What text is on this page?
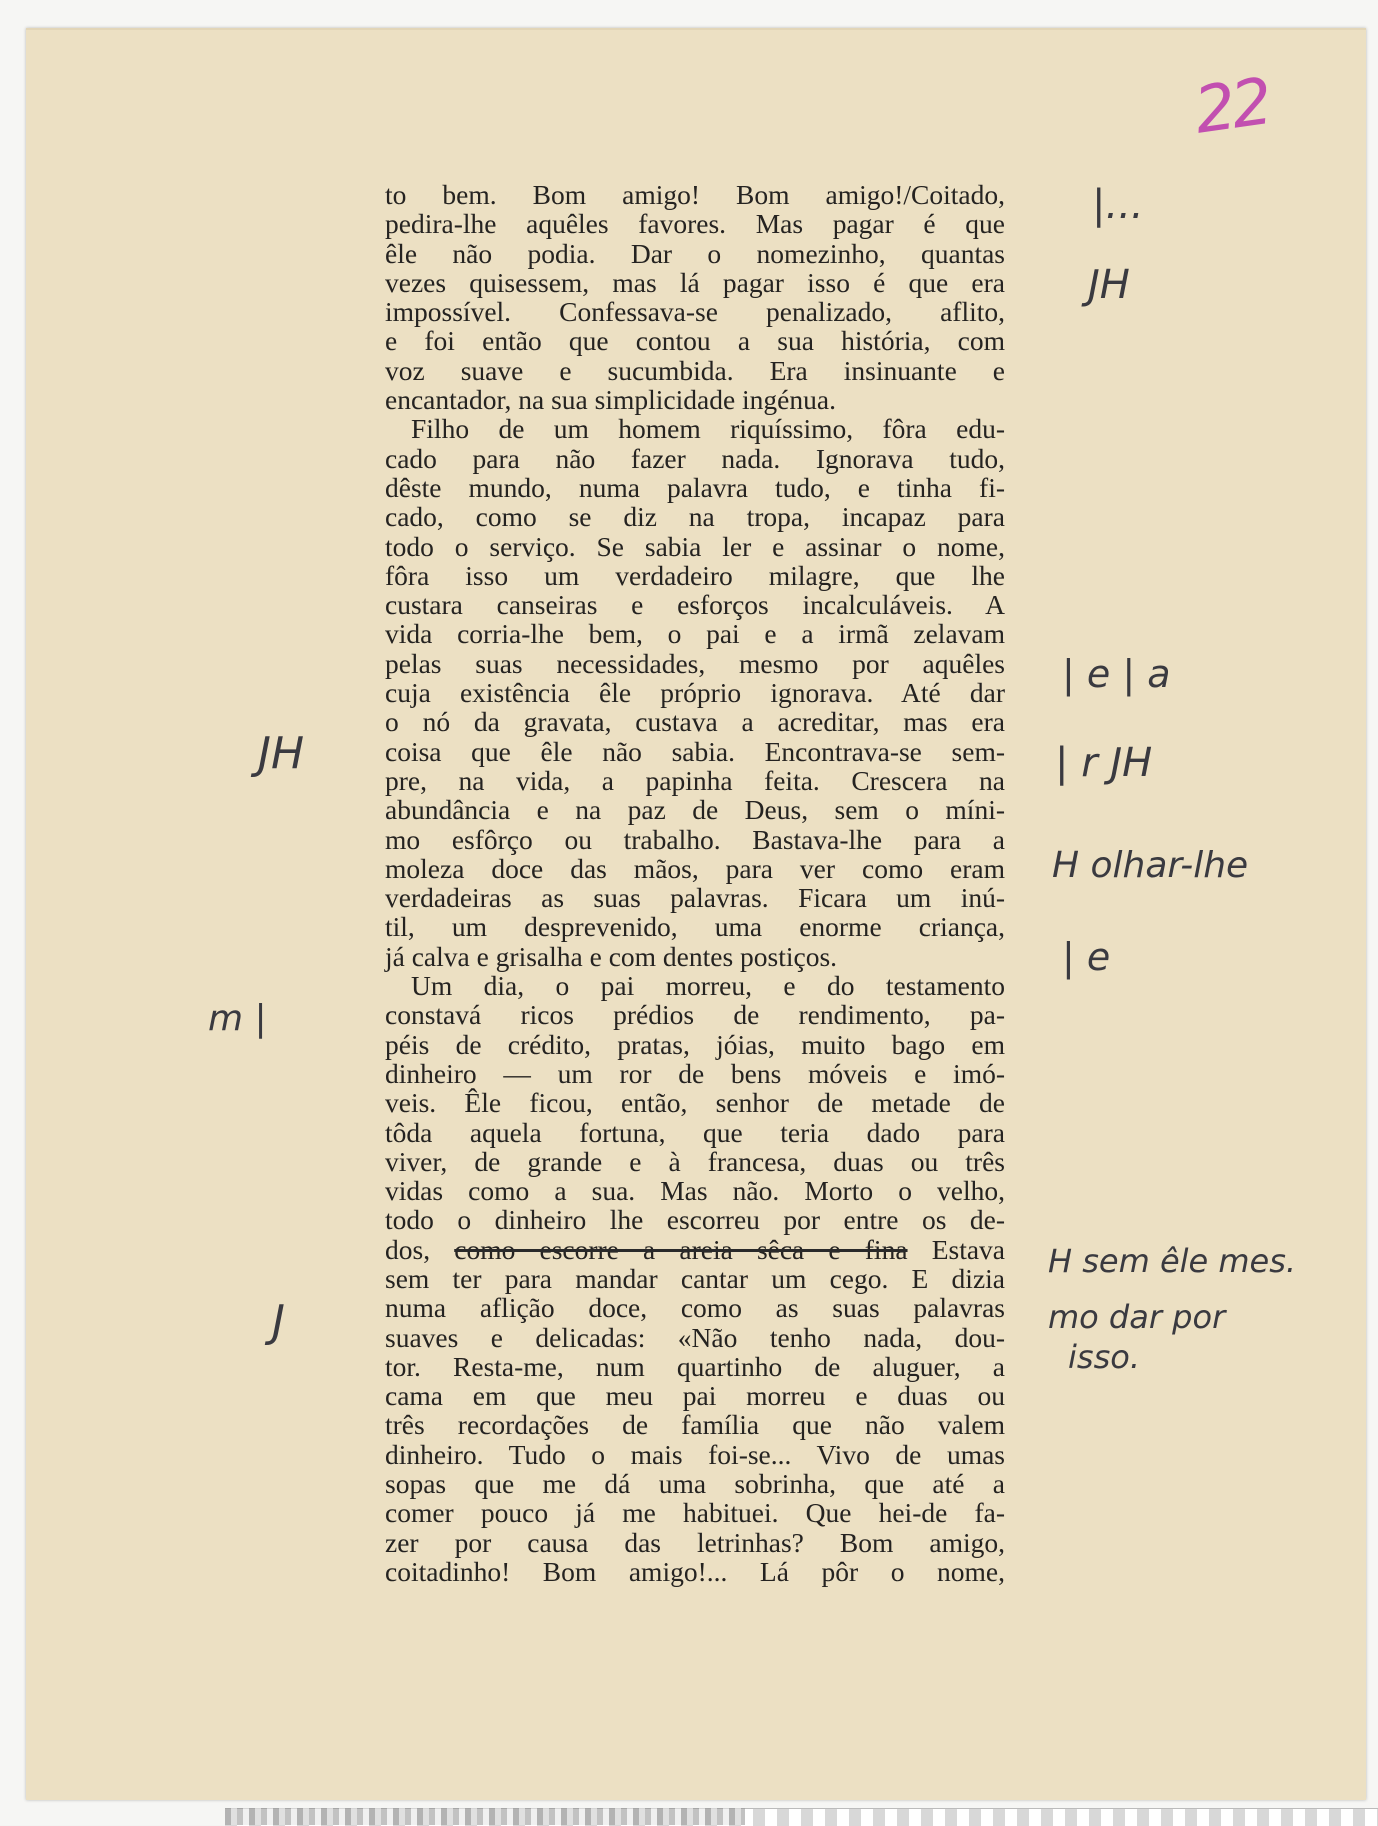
22
to bem. Bom amigo! Bom amigo!/Coitado,
pedira-lhe aquêles favores. Mas pagar é que
êle não podia. Dar o nomezinho, quantas
vezes quisessem, mas lá pagar isso é que era
impossível. Confessava-se penalizado, aflito,
e foi então que contou a sua história, com
voz suave e sucumbida. Era insinuante e
encantador, na sua simplicidade ingénua.
Filho de um homem riquíssimo, fôra edu-
cado para não fazer nada. Ignorava tudo,
dêste mundo, numa palavra tudo, e tinha fi-
cado, como se diz na tropa, incapaz para
todo o serviço. Se sabia ler e assinar o nome,
fôra isso um verdadeiro milagre, que lhe
custara canseiras e esforços incalculáveis. A
vida corria-lhe bem, o pai e a irmã zelavam
pelas suas necessidades, mesmo por aquêles
cuja existência êle próprio ignorava. Até dar
o nó da gravata, custava a acreditar, mas era
coisa que êle não sabia. Encontrava-se sem-
pre, na vida, a papinha feita. Crescera na
abundância e na paz de Deus, sem o míni-
mo esfôrço ou trabalho. Bastava-lhe para a
moleza doce das mãos, para ver como eram
verdadeiras as suas palavras. Ficara um inú-
til, um desprevenido, uma enorme criança,
já calva e grisalha e com dentes postiços.
Um dia, o pai morreu, e do testamento
constavá ricos prédios de rendimento, pa-
péis de crédito, pratas, jóias, muito bago em
dinheiro — um ror de bens móveis e imó-
veis. Êle ficou, então, senhor de metade de
tôda aquela fortuna, que teria dado para
viver, de grande e à francesa, duas ou três
vidas como a sua. Mas não. Morto o velho,
todo o dinheiro lhe escorreu por entre os de-
dos, como escorre a areia sêca e fina Estava
sem ter para mandar cantar um cego. E dizia
numa aflição doce, como as suas palavras
suaves e delicadas: «Não tenho nada, dou-
tor. Resta-me, num quartinho de aluguer, a
cama em que meu pai morreu e duas ou
três recordações de família que não valem
dinheiro. Tudo o mais foi-se... Vivo de umas
sopas que me dá uma sobrinha, que até a
comer pouco já me habituei. Que hei-de fa-
zer por causa das letrinhas? Bom amigo,
coitadinho! Bom amigo!... Lá pôr o nome,
|...
JH
| e | a
| r JH
H olhar-lhe
| e
H sem êle mes.
mo dar por
isso.
JH
m |
J
